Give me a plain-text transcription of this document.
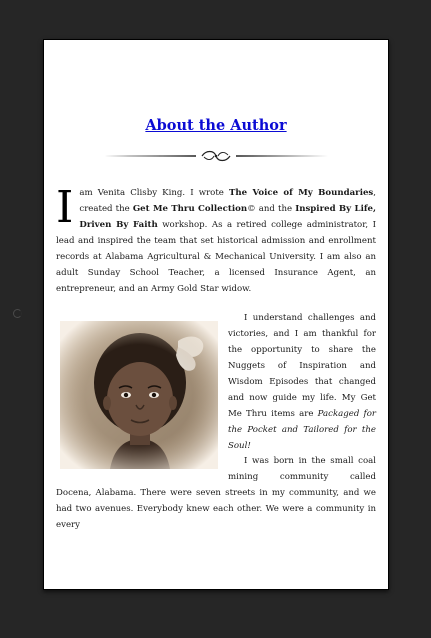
About the Author
I am Venita Clisby King. I wrote The Voice of My Boundaries, created the Get Me Thru Collection© and the Inspired By Life, Driven By Faith workshop. As a retired college administrator, I lead and inspired the team that set historical admission and enrollment records at Alabama Agricultural & Mechanical University. I am also an adult Sunday School Teacher, a licensed Insurance Agent, an entrepreneur, and an Army Gold Star widow.
I understand challenges and victories, and I am thankful for the opportunity to share the Nuggets of Inspiration and Wisdom Episodes that changed and now guide my life. My Get Me Thru items are Packaged for the Pocket and Tailored for the Soul!
I was born in the small coal mining community called Docena, Alabama. There were seven streets in my community, and we had two avenues. Everybody knew each other. We were a community in every
